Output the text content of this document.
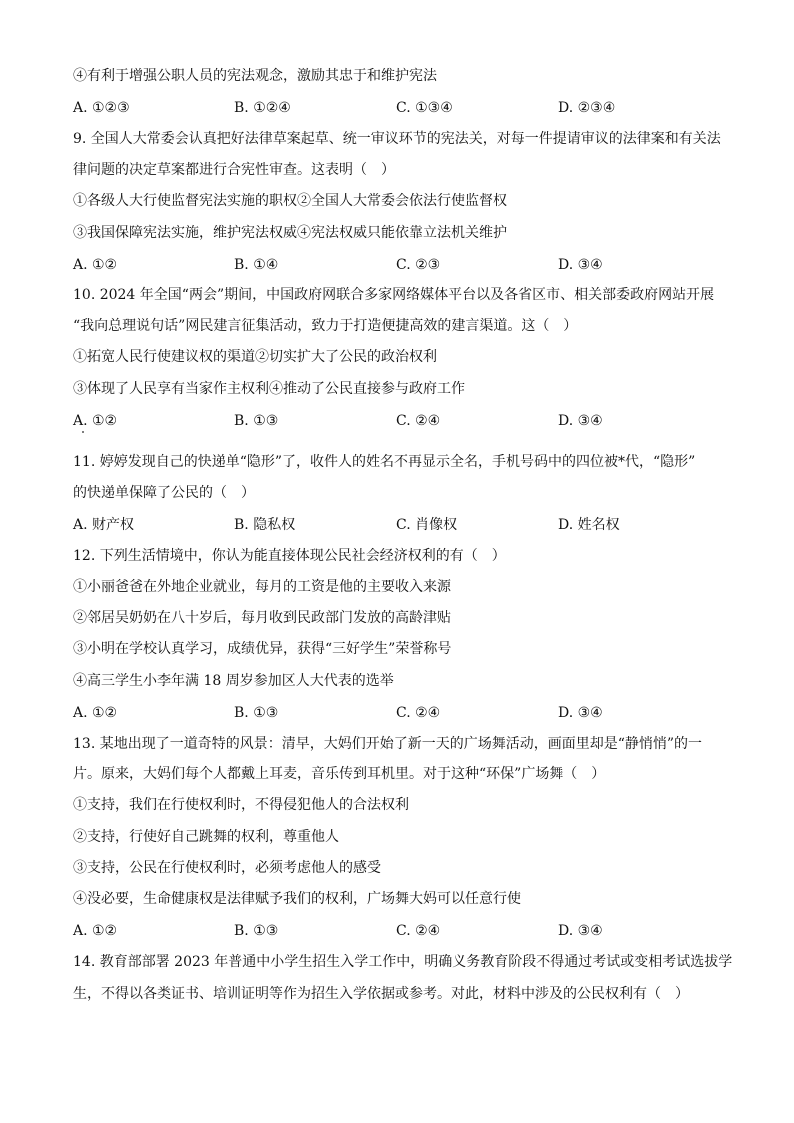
④有利于增强公职人员的宪法观念，激励其忠于和维护宪法
A. ①②③	B. ①②④	C. ①③④	D. ②③④
9. 全国人大常委会认真把好法律草案起草、统一审议环节的宪法关，对每一件提请审议的法律案和有关法
律问题的决定草案都进行合宪性审查。这表明（　）
①各级人大行使监督宪法实施的职权②全国人大常委会依法行使监督权
③我国保障宪法实施，维护宪法权威④宪法权威只能依靠立法机关维护
A. ①②	B. ①④	C. ②③	D. ③④
10. 2024 年全国“两会”期间，中国政府网联合多家网络媒体平台以及各省区市、相关部委政府网站开展
“我向总理说句话”网民建言征集活动，致力于打造便捷高效的建言渠道。这（　）
①拓宽人民行使建议权的渠道②切实扩大了公民的政治权利
③体现了人民享有当家作主权利④推动了公民直接参与政府工作
A. ①②	B. ①③	C. ②④	D. ③④
11. 婷婷发现自己的快递单“隐形”了，收件人的姓名不再显示全名，手机号码中的四位被*代，“隐形”
的快递单保障了公民的（　）
A. 财产权	B. 隐私权	C. 肖像权	D. 姓名权
12. 下列生活情境中，你认为能直接体现公民社会经济权利的有（　）
①小丽爸爸在外地企业就业，每月的工资是他的主要收入来源
②邻居吴奶奶在八十岁后，每月收到民政部门发放的高龄津贴
③小明在学校认真学习，成绩优异，获得“三好学生”荣誉称号
④高三学生小李年满 18 周岁参加区人大代表的选举
A. ①②	B. ①③	C. ②④	D. ③④
13. 某地出现了一道奇特的风景：清早，大妈们开始了新一天的广场舞活动，画面里却是“静悄悄”的一
片。原来，大妈们每个人都戴上耳麦，音乐传到耳机里。对于这种“环保”广场舞（　）
①支持，我们在行使权利时，不得侵犯他人的合法权利
②支持，行使好自己跳舞的权利，尊重他人
③支持，公民在行使权利时，必须考虑他人的感受
④没必要，生命健康权是法律赋予我们的权利，广场舞大妈可以任意行使
A. ①②	B. ①③	C. ②④	D. ③④
14. 教育部部署 2023 年普通中小学生招生入学工作中，明确义务教育阶段不得通过考试或变相考试选拔学
生，不得以各类证书、培训证明等作为招生入学依据或参考。对此，材料中涉及的公民权利有（　）
